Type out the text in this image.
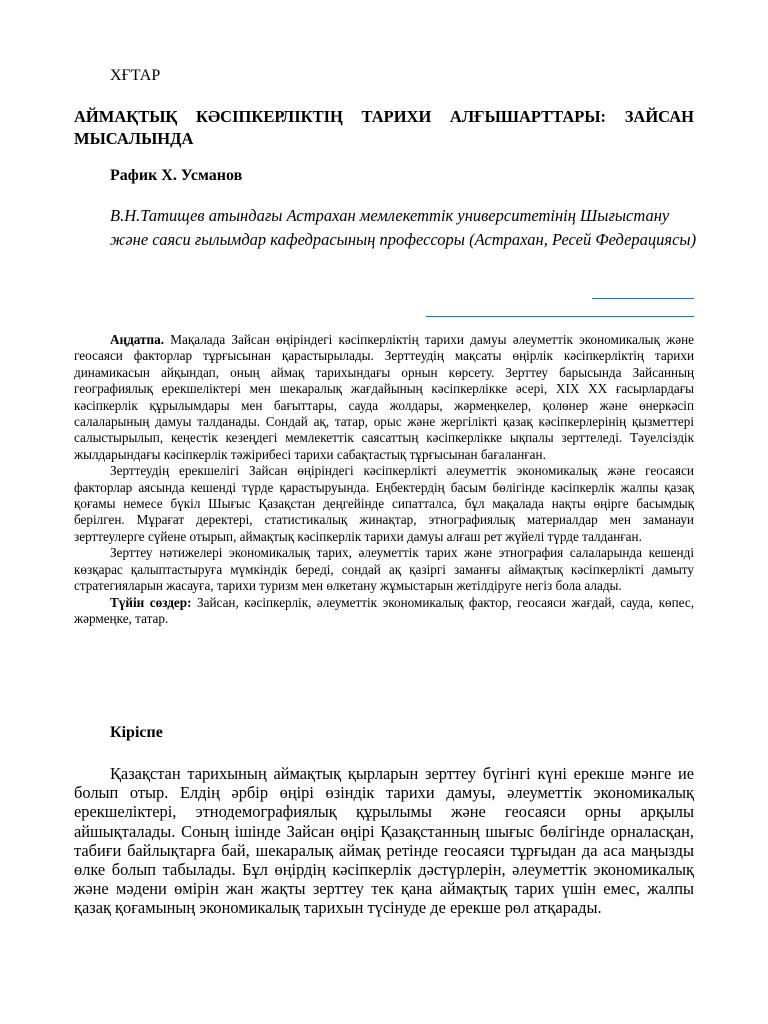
ХҒТАР
АЙМАҚТЫҚ КӘСІПКЕРЛІКТІҢ ТАРИХИ АЛҒЫШАРТТАРЫ: ЗАЙСАН МЫСАЛЫНДА
Рафик Х. Усманов
В.Н.Татищев атындағы Астрахан мемлекеттік университетінің Шығыстану және саяси ғылымдар кафедрасының профессоры (Астрахан, Ресей Федерациясы)

Аңдатпа. Мақалада Зайсан өңіріндегі кәсіпкерліктің тарихи дамуы әлеуметтік экономикалық және геосаяси факторлар тұрғысынан қарастырылады. Зерттеудің мақсаты өңірлік кәсіпкерліктің тарихи динамикасын айқындап, оның аймақ тарихындағы орнын көрсету. Зерттеу барысында Зайсанның географиялық ерекшеліктері мен шекаралық жағдайының кәсіпкерлікке әсері, XIX XX ғасырлардағы кәсіпкерлік құрылымдары мен бағыттары, сауда жолдары, жәрмеңкелер, қолөнер және өнеркәсіп салаларының дамуы талданады. Сондай ақ, татар, орыс және жергілікті қазақ кәсіпкерлерінің қызметтері салыстырылып, кеңестік кезеңдегі мемлекеттік саясаттың кәсіпкерлікке ықпалы зерттеледі. Тәуелсіздік жылдарындағы кәсіпкерлік тәжірибесі тарихи сабақтастық тұрғысынан бағаланған.

Зерттеудің ерекшелігі Зайсан өңіріндегі кәсіпкерлікті әлеуметтік экономикалық және геосаяси факторлар аясында кешенді түрде қарастыруында. Еңбектердің басым бөлігінде кәсіпкерлік жалпы қазақ қоғамы немесе бүкіл Шығыс Қазақстан деңгейінде сипатталса, бұл мақалада нақты өңірге басымдық берілген. Мұрағат деректері, статистикалық жинақтар, этнографиялық материалдар мен заманауи зерттеулерге сүйене отырып, аймақтық кәсіпкерлік тарихи дамуы алғаш рет жүйелі түрде талданған.

Зерттеу нәтижелері экономикалық тарих, әлеуметтік тарих және этнография салаларында кешенді көзқарас қалыптастыруға мүмкіндік береді, сондай ақ қазіргі заманғы аймақтық кәсіпкерлікті дамыту стратегияларын жасауға, тарихи туризм мен өлкетану жұмыстарын жетілдіруге негіз бола алады.

Түйін сөздер: Зайсан, кәсіпкерлік, әлеуметтік экономикалық фактор, геосаяси жағдай, сауда, көпес, жәрмеңке, татар.

Кіріспе

Қазақстан тарихының аймақтық қырларын зерттеу бүгінгі күні ерекше мәнге ие болып отыр. Елдің әрбір өңірі өзіндік тарихи дамуы, әлеуметтік экономикалық ерекшеліктері, этнодемографиялық құрылымы және геосаяси орны арқылы айшықталады. Соның ішінде Зайсан өңірі Қазақстанның шығыс бөлігінде орналасқан, табиғи байлықтарға бай, шекаралық аймақ ретінде геосаяси тұрғыдан да аса маңызды өлке болып табылады. Бұл өңірдің кәсіпкерлік дәстүрлерін, әлеуметтік экономикалық және мәдени өмірін жан жақты зерттеу тек қана аймақтық тарих үшін емес, жалпы қазақ қоғамының экономикалық тарихын түсінуде де ерекше рөл атқарады.
